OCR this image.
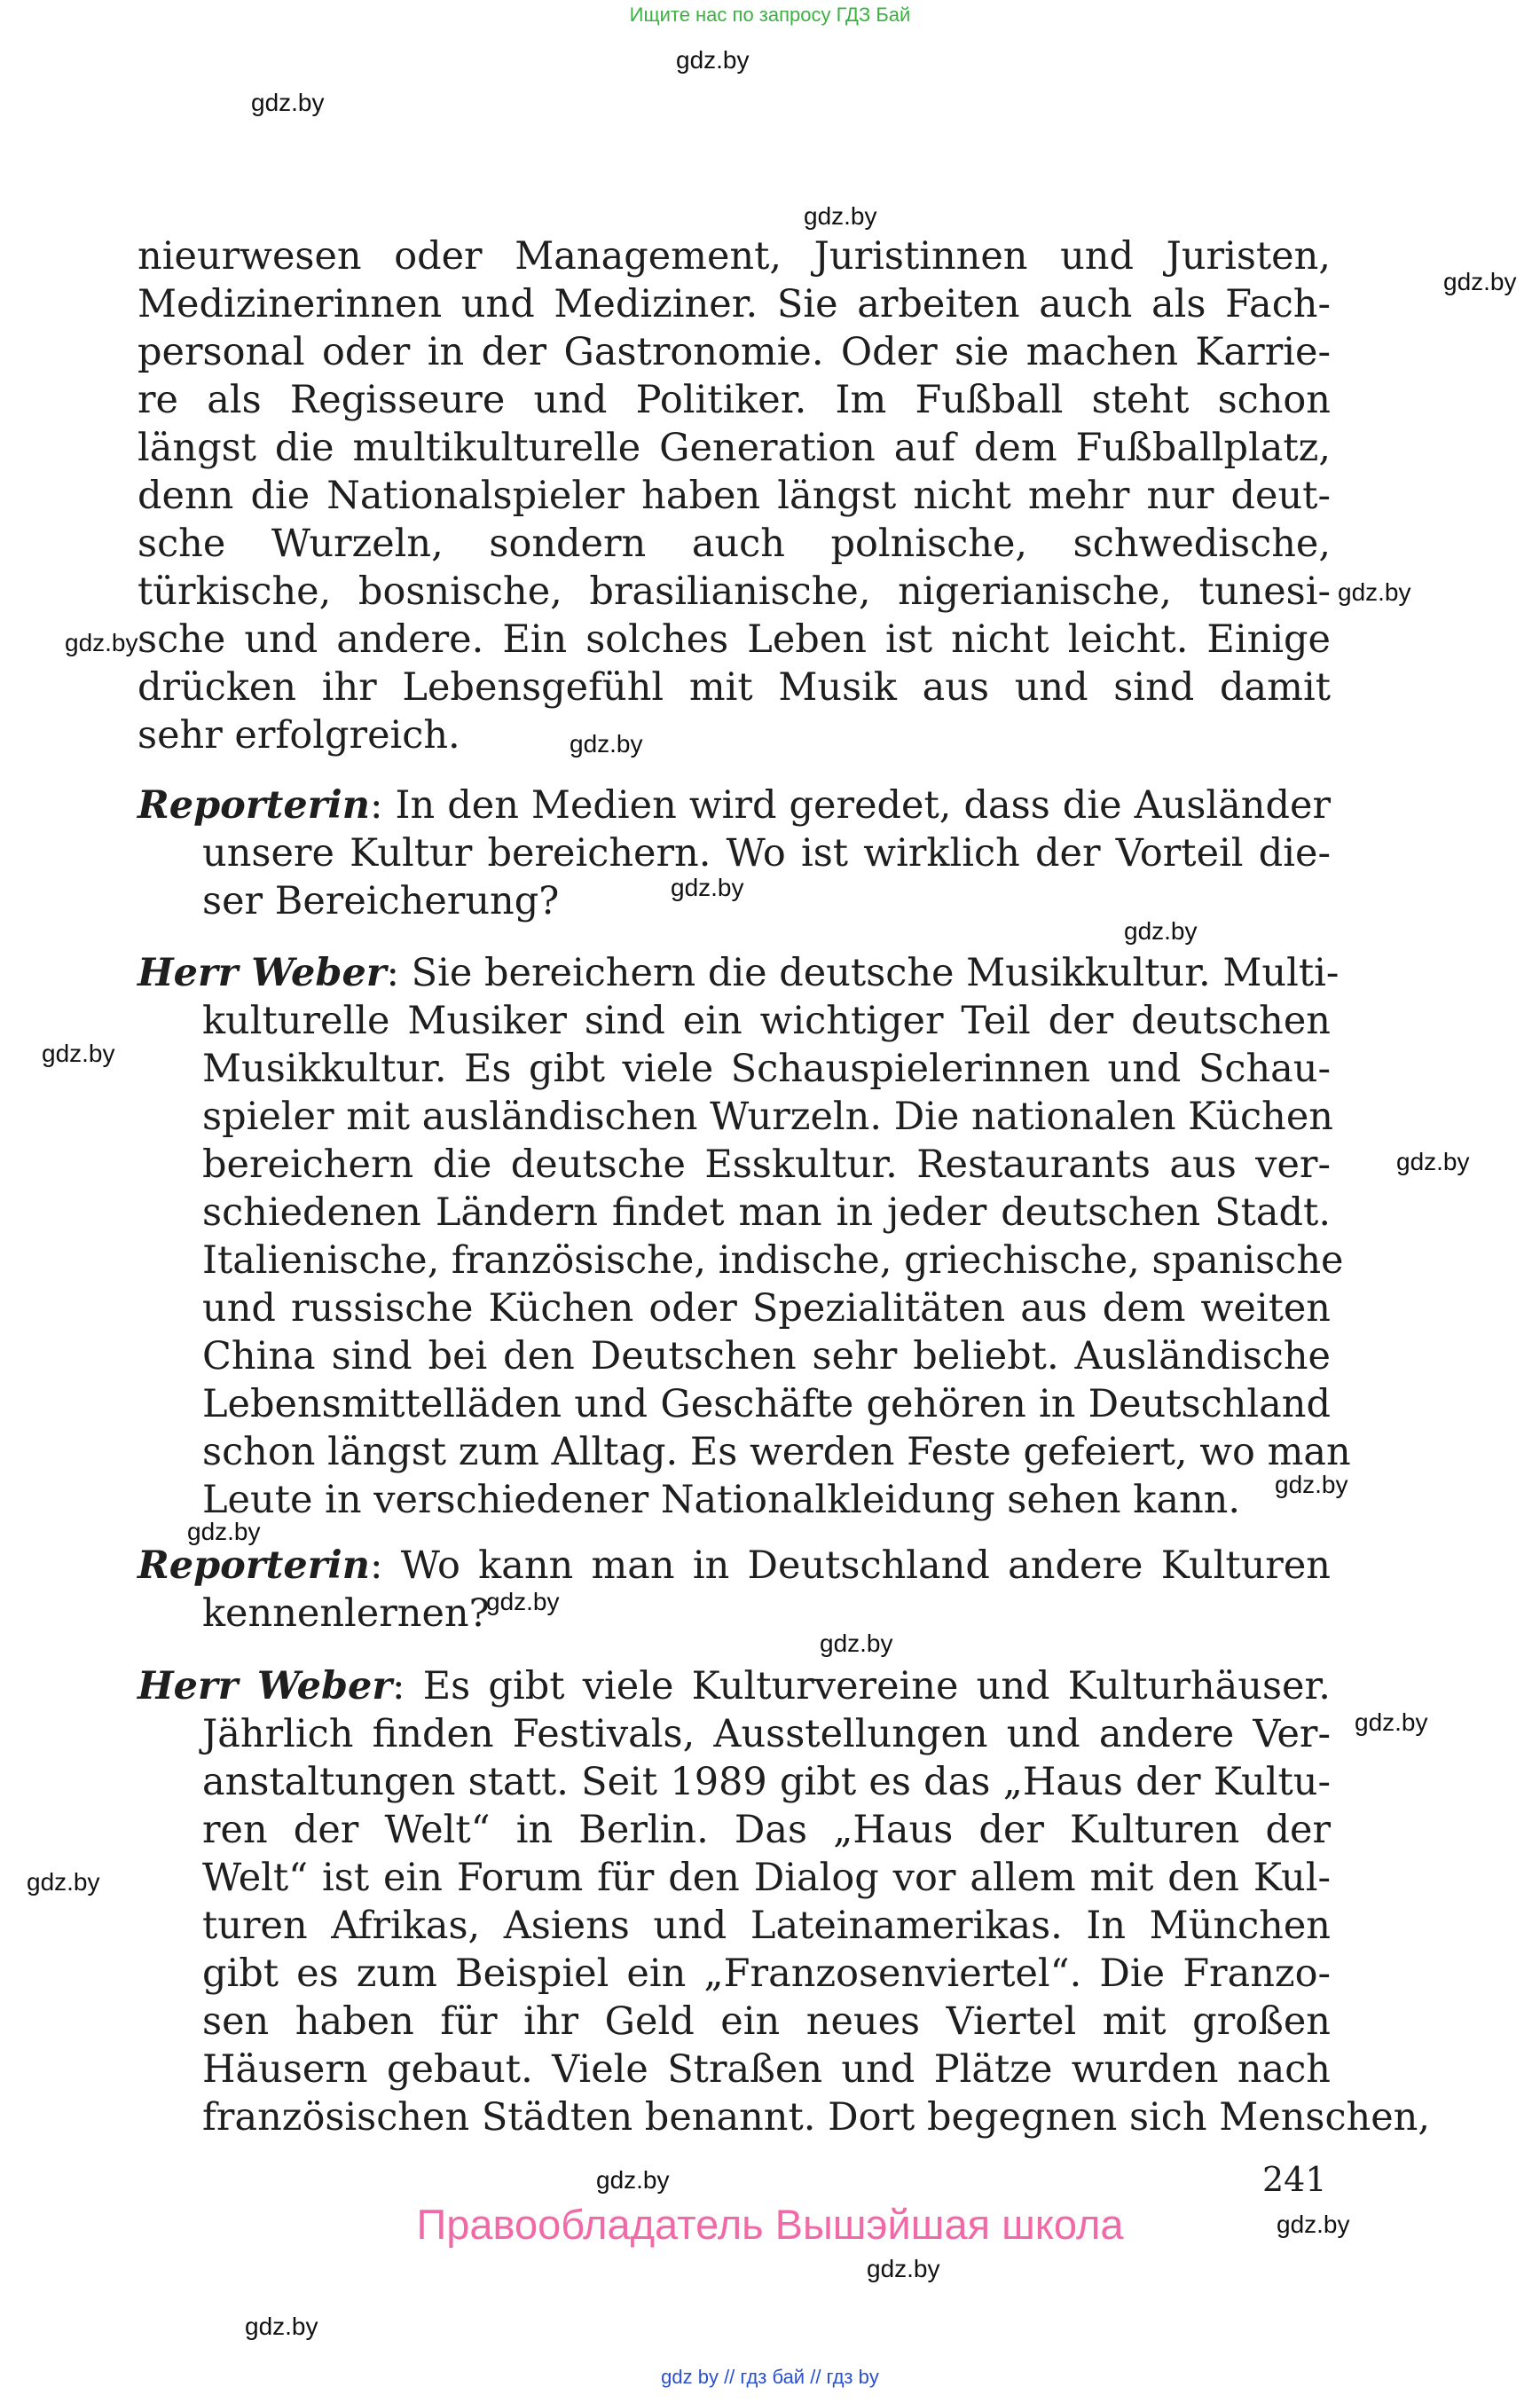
Ищите нас по запросу ГДЗ Бай
gdz.by
gdz.by
gdz.by
gdz.by
gdz.by
gdz.by
gdz.by
gdz.by
gdz.by
gdz.by
gdz.by
gdz.by
gdz.by
gdz.by
gdz.by
gdz.by
gdz.by
gdz.by
gdz.by
gdz.by
gdz.by
nieurwesen oder Management, Juristinnen und Juristen,
Medizinerinnen und Mediziner. Sie arbeiten auch als Fach-
personal oder in der Gastronomie. Oder sie machen Karrie-
re als Regisseure und Politiker. Im Fußball steht schon
längst die multikulturelle Generation auf dem Fußballplatz,
denn die Nationalspieler haben längst nicht mehr nur deut-
sche Wurzeln, sondern auch polnische, schwedische,
türkische, bosnische, brasilianische, nigerianische, tunesi-
sche und andere. Ein solches Leben ist nicht leicht. Einige
drücken ihr Lebensgefühl mit Musik aus und sind damit
sehr erfolgreich.
Reporterin: In den Medien wird geredet, dass die Ausländer
unsere Kultur bereichern. Wo ist wirklich der Vorteil die-
ser Bereicherung?
Herr Weber: Sie bereichern die deutsche Musikkultur. Multi-
kulturelle Musiker sind ein wichtiger Teil der deutschen
Musikkultur. Es gibt viele Schauspielerinnen und Schau-
spieler mit ausländischen Wurzeln. Die nationalen Küchen
bereichern die deutsche Esskultur. Restaurants aus ver-
schiedenen Ländern findet man in jeder deutschen Stadt.
Italienische, französische, indische, griechische, spanische
und russische Küchen oder Spezialitäten aus dem weiten
China sind bei den Deutschen sehr beliebt. Ausländische
Lebensmittelläden und Geschäfte gehören in Deutschland
schon längst zum Alltag. Es werden Feste gefeiert, wo man
Leute in verschiedener Nationalkleidung sehen kann.
Reporterin: Wo kann man in Deutschland andere Kulturen
kennenlernen?
Herr Weber: Es gibt viele Kulturvereine und Kulturhäuser.
Jährlich finden Festivals, Ausstellungen und andere Ver-
anstaltungen statt. Seit 1989 gibt es das „Haus der Kultu-
ren der Welt“ in Berlin. Das „Haus der Kulturen der
Welt“ ist ein Forum für den Dialog vor allem mit den Kul-
turen Afrikas, Asiens und Lateinamerikas. In München
gibt es zum Beispiel ein „Franzosenviertel“. Die Franzo-
sen haben für ihr Geld ein neues Viertel mit großen
Häusern gebaut. Viele Straßen und Plätze wurden nach
französischen Städten benannt. Dort begegnen sich Menschen,
241
Правообладатель Вышэйшая школа
gdz by // гдз бай // гдз by
